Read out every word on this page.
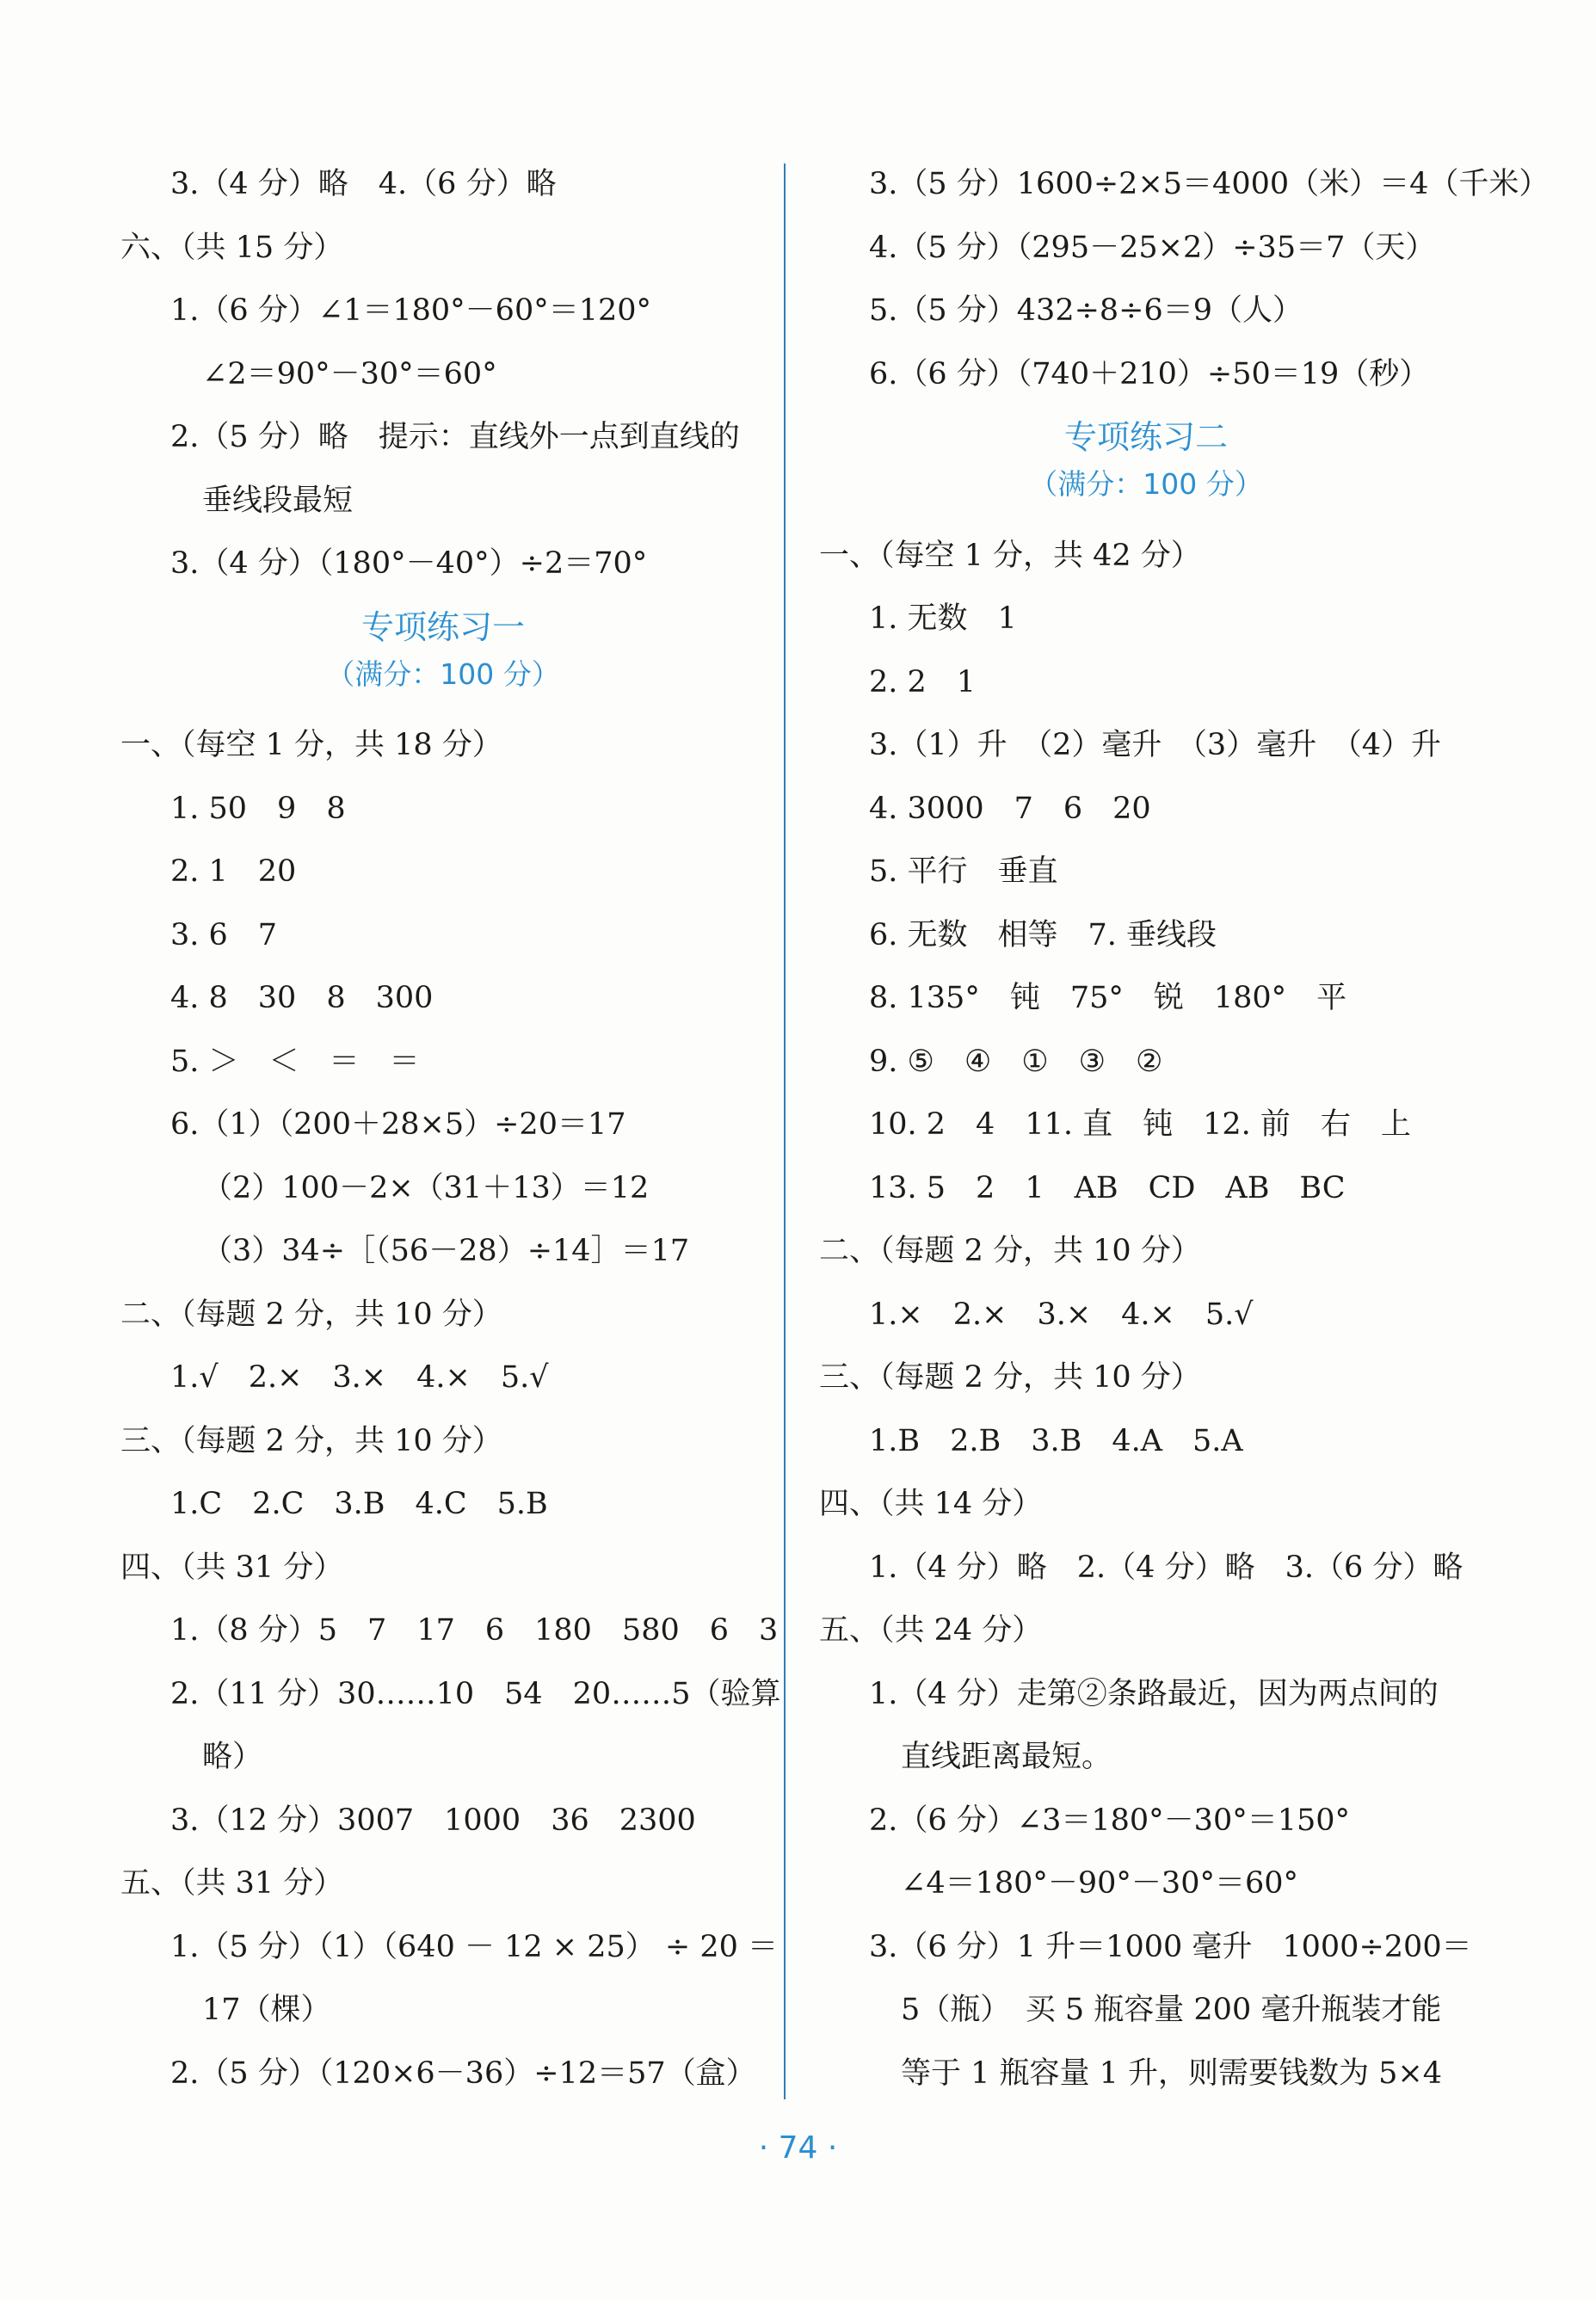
3.（4 分）略　4.（6 分）略
六、（共 15 分）
1.（6 分）∠1＝180°－60°＝120°
∠2＝90°－30°＝60°
2.（5 分）略　提示：直线外一点到直线的
垂线段最短
3.（4 分）（180°－40°）÷2＝70°
专项练习一
（满分：100 分）
一、（每空 1 分，共 18 分）
1. 50　9　8
2. 1　20
3. 6　7
4. 8　30　8　300
5. ＞　＜　＝　＝
6.（1）（200＋28×5）÷20＝17
（2）100－2×（31＋13）＝12
（3）34÷［（56－28）÷14］＝17
二、（每题 2 分，共 10 分）
1.√　2.×　3.×　4.×　5.√
三、（每题 2 分，共 10 分）
1.C　2.C　3.B　4.C　5.B
四、（共 31 分）
1.（8 分）5　7　17　6　180　580　6　3
2.（11 分）30……10　54　20……5（验算
略）
3.（12 分）3007　1000　36　2300
五、（共 31 分）
1.（5 分）（1）（640 － 12 × 25） ÷ 20 ＝
17（棵）
2.（5 分）（120×6－36）÷12＝57（盒）
3.（5 分）1600÷2×5＝4000（米）＝4（千米）
4.（5 分）（295－25×2）÷35＝7（天）
5.（5 分）432÷8÷6＝9（人）
6.（6 分）（740＋210）÷50＝19（秒）
专项练习二
（满分：100 分）
一、（每空 1 分，共 42 分）
1. 无数　1
2. 2　1
3.（1）升　（2）毫升　（3）毫升　（4）升
4. 3000　7　6　20
5. 平行　垂直
6. 无数　相等　7. 垂线段
8. 135°　钝　75°　锐　180°　平
9. ⑤　④　①　③　②
10. 2　4　11. 直　钝　12. 前　右　上
13. 5　2　1　AB　CD　AB　BC
二、（每题 2 分，共 10 分）
1.×　2.×　3.×　4.×　5.√
三、（每题 2 分，共 10 分）
1.B　2.B　3.B　4.A　5.A
四、（共 14 分）
1.（4 分）略　2.（4 分）略　3.（6 分）略
五、（共 24 分）
1.（4 分）走第②条路最近，因为两点间的
直线距离最短。
2.（6 分）∠3＝180°－30°＝150°
∠4＝180°－90°－30°＝60°
3.（6 分）1 升＝1000 毫升　1000÷200＝
5（瓶）　买 5 瓶容量 200 毫升瓶装才能
等于 1 瓶容量 1 升，则需要钱数为 5×4
· 74 ·
